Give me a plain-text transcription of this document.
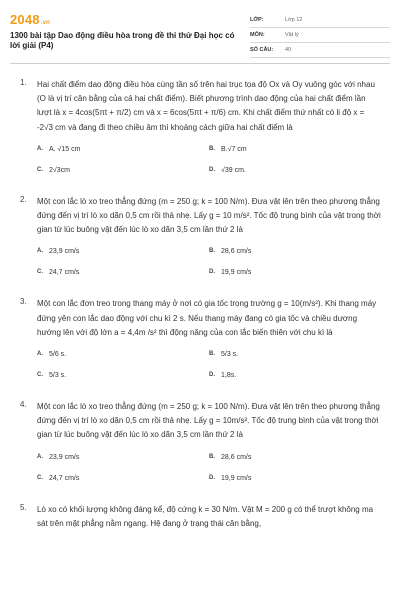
2048.vn
1300 bài tập Dao động điều hòa trong đề thi thử Đại học có lời giải (P4)
LỚP:	Lớp 12
MÔN:	Vật lý
SỐ CÂU:	40
1. Hai chất điểm dao động điều hòa cùng tần số trên hai trục tọa độ Ox và Oy vuông góc với nhau (O là vị trí cân bằng của cả hai chất điểm). Biết phương trình dao động của hai chất điểm lần lượt là x = 4cos(5πt + π/2) cm và x = 6cos(5πt + π/6) cm. Khi chất điểm thứ nhất có li độ x = -2√3 cm và đang đi theo chiều âm thì khoảng cách giữa hai chất điểm là
A. A. √15 cm	B. B.√7 cm
C. 2√3cm	D. √39 cm.
2. Một con lắc lò xo treo thẳng đứng (m = 250 g; k = 100 N/m). Đưa vật lên trên theo phương thẳng đứng đến vị trí lò xo dãn 0,5 cm rồi thả nhẹ. Lấy g = 10 m/s². Tốc độ trung bình của vật trong thời gian từ lúc buông vật đến lúc lò xo dãn 3,5 cm lần thứ 2 là
A. 23,9 cm/s	B. 28,6 cm/s
C. 24,7 cm/s	D. 19,9 cm/s
3. Một con lắc đơn treo trong thang máy ở nơi có gia tốc trọng trường g = 10(m/s²). Khi thang máy đứng yên con lắc dao động với chu kì 2 s. Nếu thang máy đang có gia tốc và chiều dương hướng lên với độ lớn a = 4,4m /s² thì động năng của con lắc biến thiên với chu kì là
A. 5/6 s.	B. 5/3 s.
C. 5/3 s.	D. 1,8s.
4. Một con lắc lò xo treo thẳng đứng (m = 250 g; k = 100 N/m). Đưa vật lên trên theo phương thẳng đứng đến vị trí lò xo dãn 0,5 cm rồi thả nhẹ. Lấy g = 10m/s². Tốc độ trung bình của vật trong thời gian từ lúc buông vật đến lúc lò xo dãn 3,5 cm lần thứ 2 là
A. 23,9 cm/s	B. 28,6 cm/s
C. 24,7 cm/s	D. 19,9 cm/s
5. Lò xo có khối lượng không đáng kể, độ cứng k = 30 N/m. Vật M = 200 g có thể trượt không ma sát trên mặt phẳng nằm ngang. Hệ đang ở trạng thái cân bằng,
